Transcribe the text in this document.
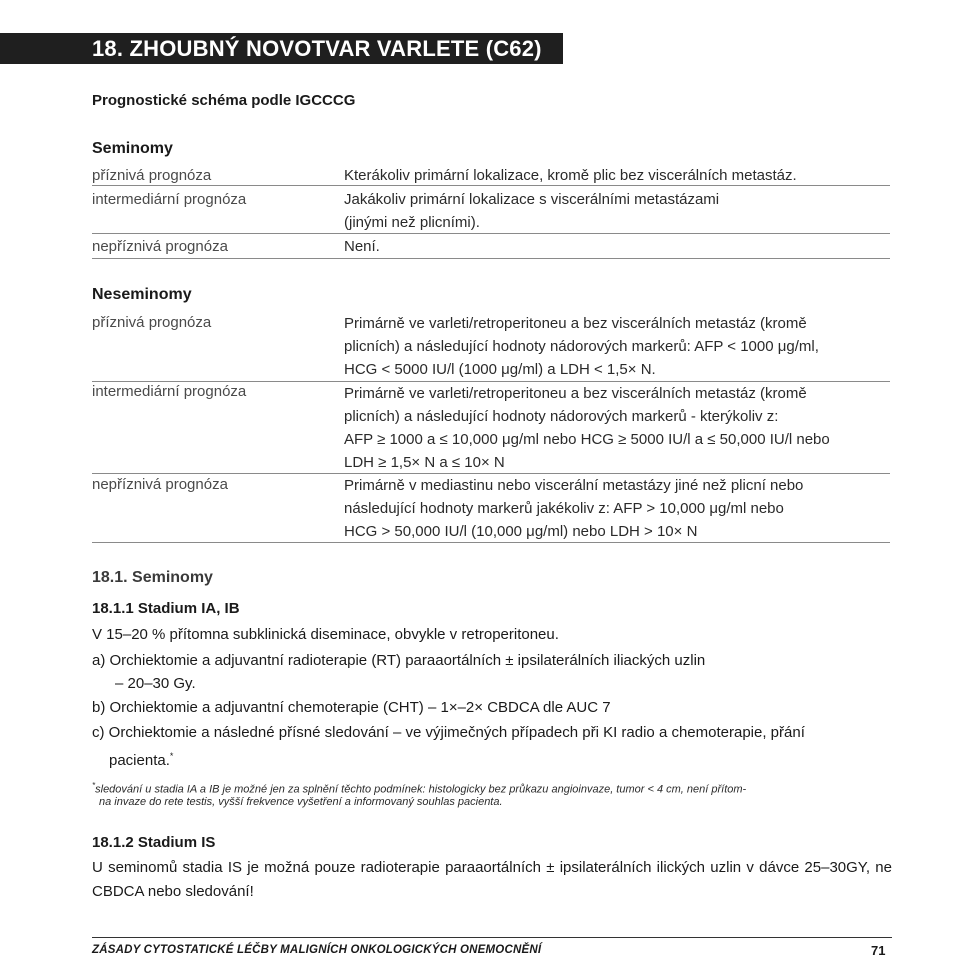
18. ZHOUBNÝ NOVOTVAR VARLETE (C62)
Prognostické schéma podle IGCCCG
Seminomy
příznivá prognóza	Kterákoliv primární lokalizace, kromě plic bez viscerálních metastáz.
intermediární prognóza	Jakákoliv primární lokalizace s viscerálními metastázami
(jinými než plicními).
nepříznivá prognóza	Není.
Neseminomy
příznivá prognóza	Primárně ve varleti/retroperitoneu a bez viscerálních metastáz (kromě
plicních) a následující hodnoty nádorových markerů: AFP < 1000 μg/ml,
HCG < 5000 IU/l (1000 μg/ml) a LDH < 1,5× N.
intermediární prognóza	Primárně ve varleti/retroperitoneu a bez viscerálních metastáz (kromě
plicních) a následující hodnoty nádorových markerů - kterýkoliv z:
AFP ≥ 1000 a ≤ 10,000 μg/ml nebo HCG ≥ 5000 IU/l a ≤ 50,000 IU/l nebo
LDH ≥ 1,5× N a ≤ 10× N
nepříznivá prognóza	Primárně v mediastinu nebo viscerální metastázy jiné než plicní nebo
následující hodnoty markerů jakékoliv z: AFP > 10,000 μg/ml nebo
HCG > 50,000 IU/l (10,000 μg/ml) nebo LDH > 10× N
18.1. Seminomy
18.1.1 Stadium IA, IB
V 15–20 % přítomna subklinická diseminace, obvykle v retroperitoneu.
a) Orchiektomie a adjuvantní radioterapie (RT) paraaortálních ± ipsilaterálních iliackých uzlin
– 20–30 Gy.
b) Orchiektomie a adjuvantní chemoterapie (CHT) – 1×–2× CBDCA dle AUC 7
c) Orchiektomie a následné přísné sledování – ve výjimečných případech při KI radio a chemoterapie, přání
pacienta.*
*sledování u stadia IA a IB je možné jen za splnění těchto podmínek: histologicky bez průkazu angioinvaze, tumor < 4 cm, není přítom-
na invaze do rete testis, vyšší frekvence vyšetření a informovaný souhlas pacienta.
18.1.2 Stadium IS
U seminomů stadia IS je možná pouze radioterapie paraaortálních ± ipsilaterálních ilických uzlin v dávce 25–30GY, ne CBDCA nebo sledování!
ZÁSADY CYTOSTATICKÉ LÉČBY MALIGNÍCH ONKOLOGICKÝCH ONEMOCNĚNÍ	71
